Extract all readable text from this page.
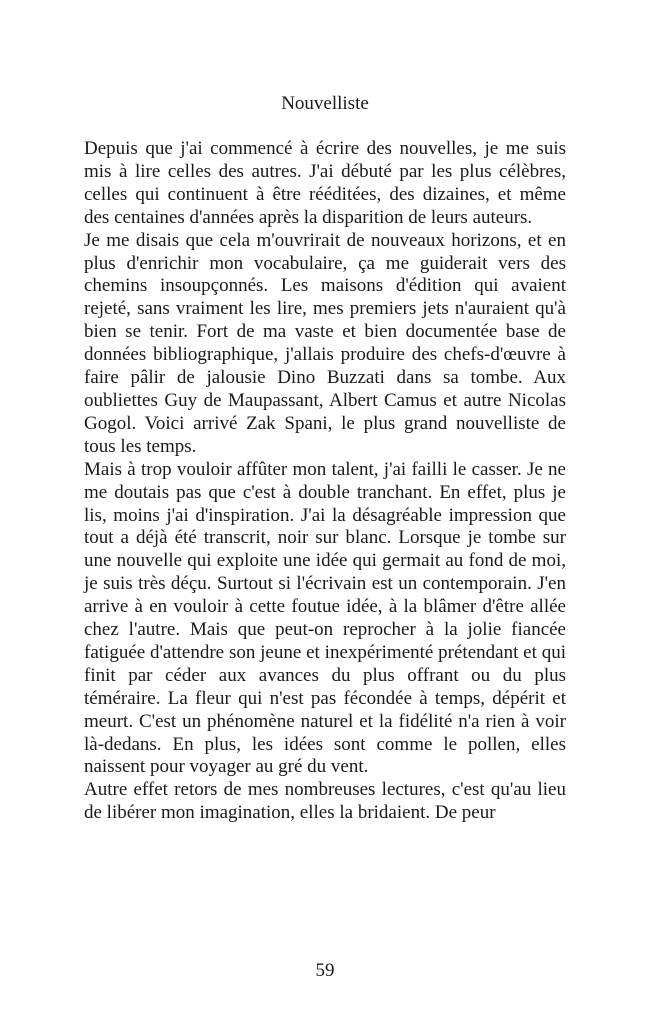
Nouvelliste

Depuis que j'ai commencé à écrire des nouvelles, je me suis mis à lire celles des autres. J'ai débuté par les plus célèbres, celles qui continuent à être rééditées, des dizaines, et même des centaines d'années après la disparition de leurs auteurs.

Je me disais que cela m'ouvrirait de nouveaux horizons, et en plus d'enrichir mon vocabulaire, ça me guiderait vers des chemins insoupçonnés. Les maisons d'édition qui avaient rejeté, sans vraiment les lire, mes premiers jets n'auraient qu'à bien se tenir. Fort de ma vaste et bien documentée base de données bibliographique, j'allais produire des chefs-d'œuvre à faire pâlir de jalousie Dino Buzzati dans sa tombe. Aux oubliettes Guy de Maupassant, Albert Camus et autre Nicolas Gogol. Voici arrivé Zak Spani, le plus grand nouvelliste de tous les temps.

Mais à trop vouloir affûter mon talent, j'ai failli le casser. Je ne me doutais pas que c'est à double tranchant. En effet, plus je lis, moins j'ai d'inspiration. J'ai la désagréable impression que tout a déjà été transcrit, noir sur blanc. Lorsque je tombe sur une nouvelle qui exploite une idée qui germait au fond de moi, je suis très déçu. Surtout si l'écrivain est un contemporain. J'en arrive à en vouloir à cette foutue idée, à la blâmer d'être allée chez l'autre. Mais que peut-on reprocher à la jolie fiancée fatiguée d'attendre son jeune et inexpérimenté prétendant et qui finit par céder aux avances du plus offrant ou du plus téméraire. La fleur qui n'est pas fécondée à temps, dépérit et meurt. C'est un phénomène naturel et la fidélité n'a rien à voir là-dedans. En plus, les idées sont comme le pollen, elles naissent pour voyager au gré du vent.

Autre effet retors de mes nombreuses lectures, c'est qu'au lieu de libérer mon imagination, elles la bridaient. De peur

59
